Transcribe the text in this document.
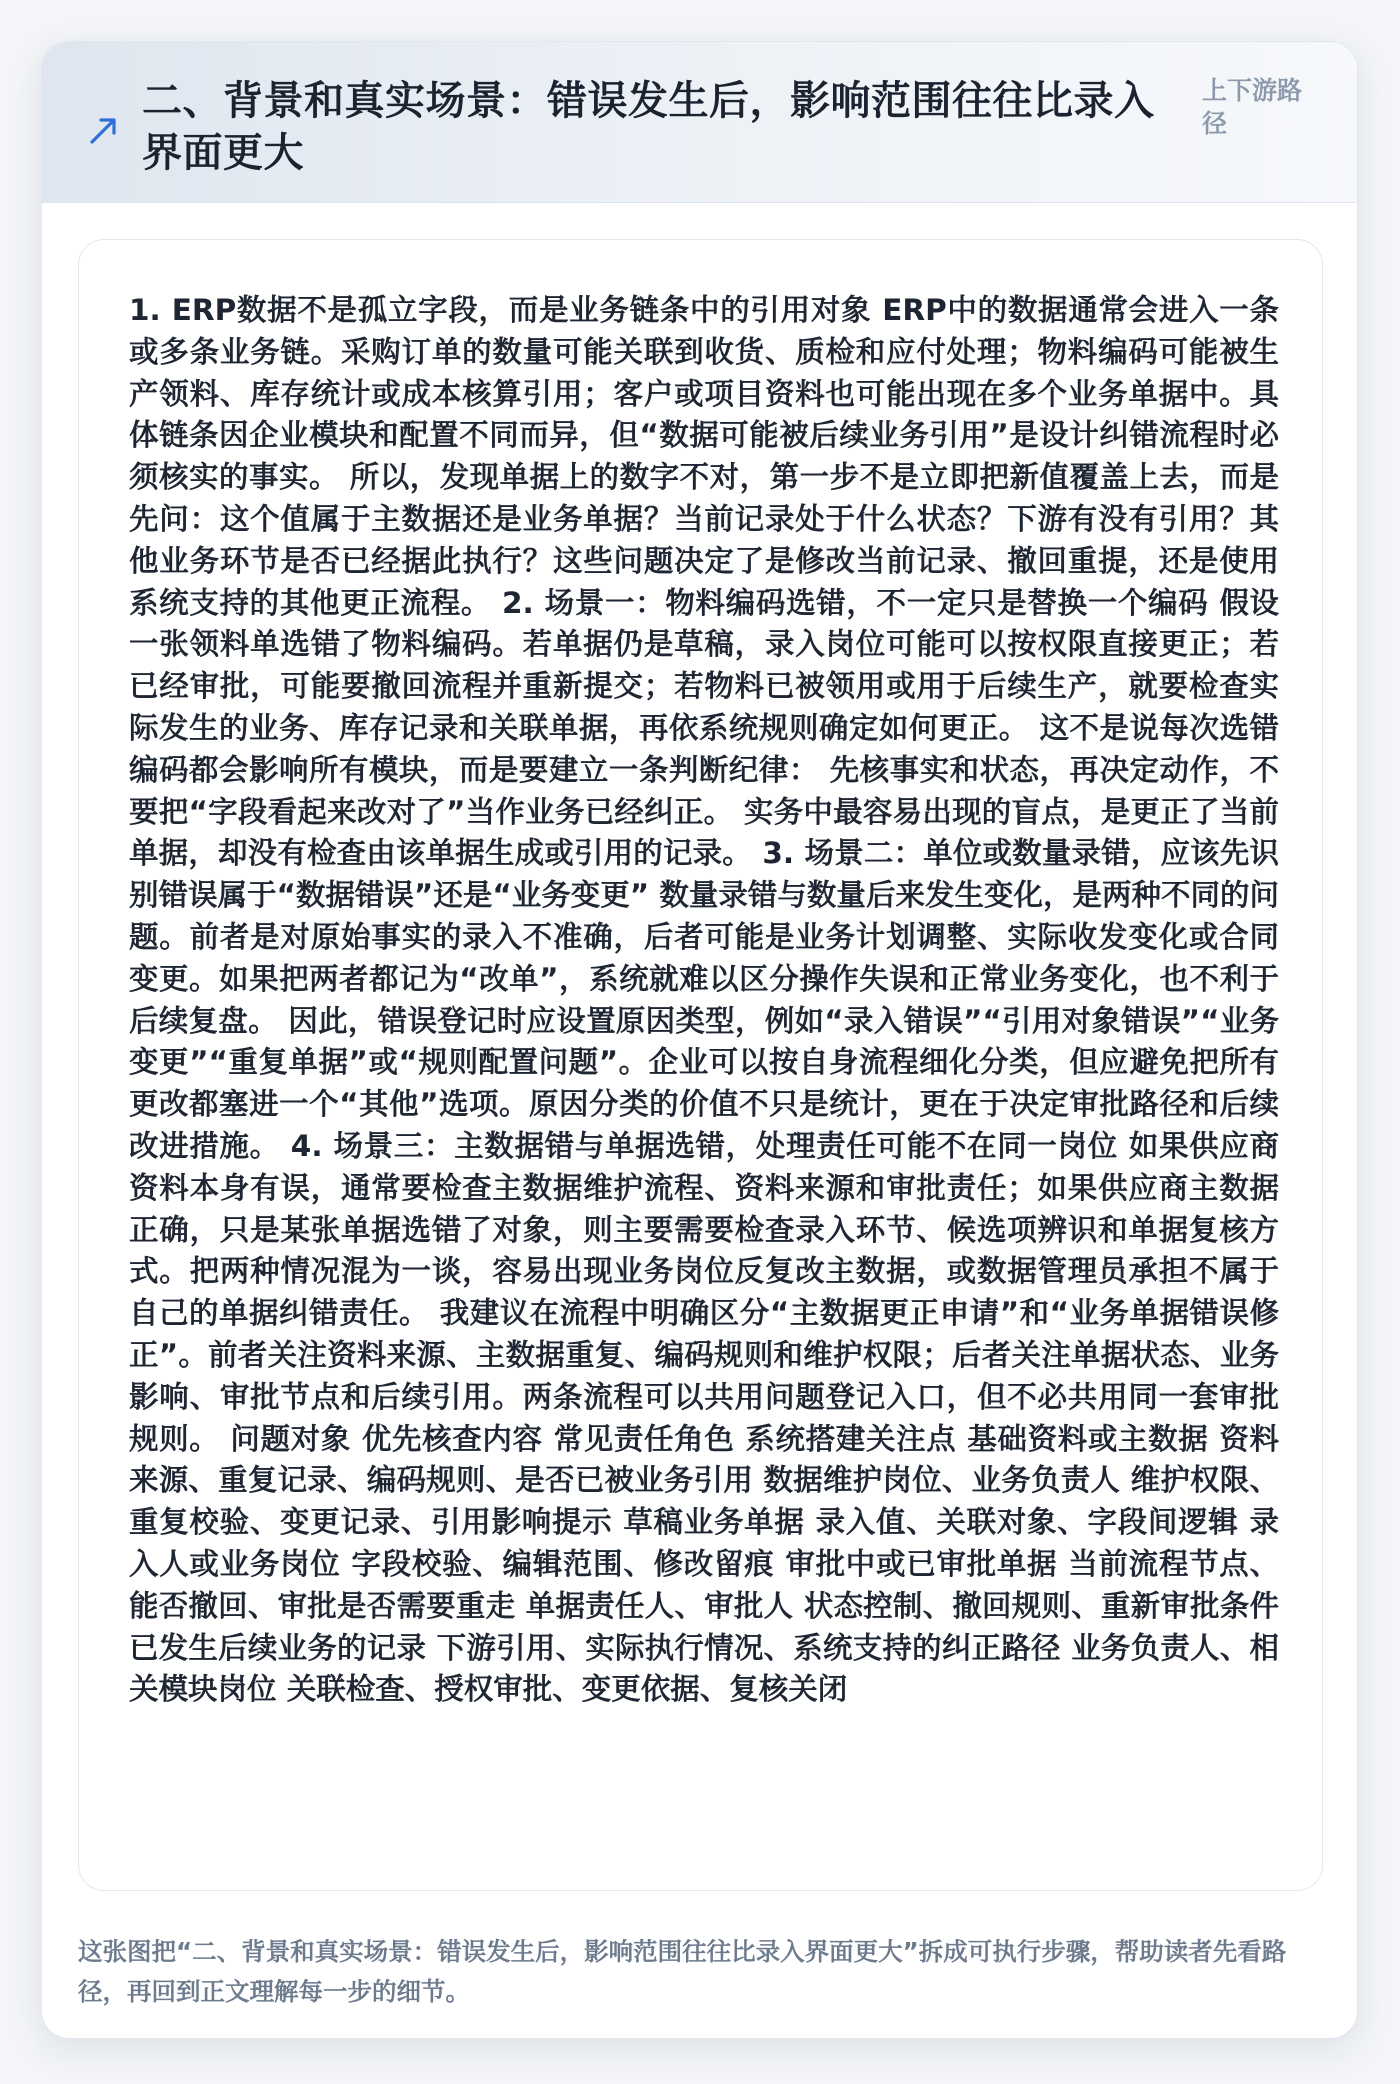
二、背景和真实场景：错误发生后，影响范围往往比录入界面更大
上下游路径

1. ERP数据不是孤立字段，而是业务链条中的引用对象 ERP中的数据通常会进入一条或多条业务链。采购订单的数量可能关联到收货、质检和应付处理；物料编码可能被生产领料、库存统计或成本核算引用；客户或项目资料也可能出现在多个业务单据中。具体链条因企业模块和配置不同而异，但“数据可能被后续业务引用”是设计纠错流程时必须核实的事实。 所以，发现单据上的数字不对，第一步不是立即把新值覆盖上去，而是先问：这个值属于主数据还是业务单据？当前记录处于什么状态？下游有没有引用？其他业务环节是否已经据此执行？这些问题决定了是修改当前记录、撤回重提，还是使用系统支持的其他更正流程。 2. 场景一：物料编码选错，不一定只是替换一个编码 假设一张领料单选错了物料编码。若单据仍是草稿，录入岗位可能可以按权限直接更正；若已经审批，可能要撤回流程并重新提交；若物料已被领用或用于后续生产，就要检查实际发生的业务、库存记录和关联单据，再依系统规则确定如何更正。 这不是说每次选错编码都会影响所有模块，而是要建立一条判断纪律： 先核事实和状态，再决定动作，不要把“字段看起来改对了”当作业务已经纠正。 实务中最容易出现的盲点，是更正了当前单据，却没有检查由该单据生成或引用的记录。 3. 场景二：单位或数量录错，应该先识别错误属于“数据错误”还是“业务变更” 数量录错与数量后来发生变化，是两种不同的问题。前者是对原始事实的录入不准确，后者可能是业务计划调整、实际收发变化或合同变更。如果把两者都记为“改单”，系统就难以区分操作失误和正常业务变化，也不利于后续复盘。 因此，错误登记时应设置原因类型，例如“录入错误”“引用对象错误”“业务变更”“重复单据”或“规则配置问题”。企业可以按自身流程细化分类，但应避免把所有更改都塞进一个“其他”选项。原因分类的价值不只是统计，更在于决定审批路径和后续改进措施。 4. 场景三：主数据错与单据选错，处理责任可能不在同一岗位 如果供应商资料本身有误，通常要检查主数据维护流程、资料来源和审批责任；如果供应商主数据正确，只是某张单据选错了对象，则主要需要检查录入环节、候选项辨识和单据复核方式。把两种情况混为一谈，容易出现业务岗位反复改主数据，或数据管理员承担不属于自己的单据纠错责任。 我建议在流程中明确区分“主数据更正申请”和“业务单据错误修正”。前者关注资料来源、主数据重复、编码规则和维护权限；后者关注单据状态、业务影响、审批节点和后续引用。两条流程可以共用问题登记入口，但不必共用同一套审批规则。 问题对象 优先核查内容 常见责任角色 系统搭建关注点 基础资料或主数据 资料来源、重复记录、编码规则、是否已被业务引用 数据维护岗位、业务负责人 维护权限、重复校验、变更记录、引用影响提示 草稿业务单据 录入值、关联对象、字段间逻辑 录入人或业务岗位 字段校验、编辑范围、修改留痕 审批中或已审批单据 当前流程节点、能否撤回、审批是否需要重走 单据责任人、审批人 状态控制、撤回规则、重新审批条件 已发生后续业务的记录 下游引用、实际执行情况、系统支持的纠正路径 业务负责人、相关模块岗位 关联检查、授权审批、变更依据、复核关闭

这张图把“二、背景和真实场景：错误发生后，影响范围往往比录入界面更大”拆成可执行步骤，帮助读者先看路径，再回到正文理解每一步的细节。
